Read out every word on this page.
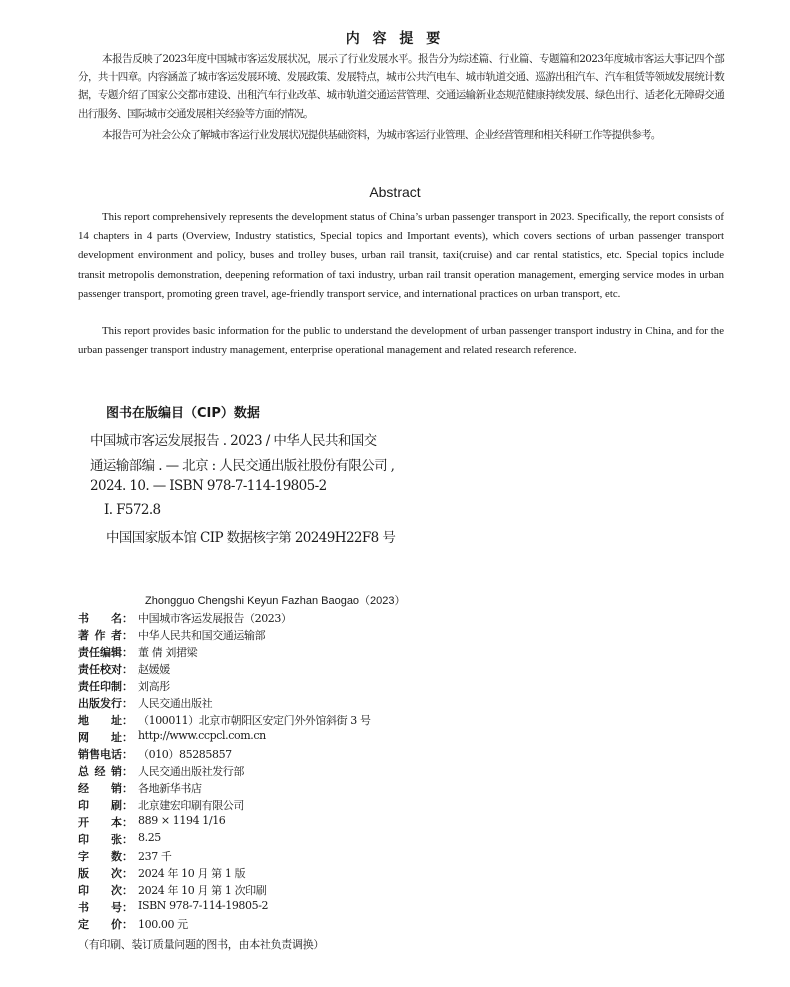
内 容 提 要

本报告反映了2023年度中国城市客运发展状况，展示了行业发展水平。报告分为综述篇、行业篇、专题篇和2023年度城市客运大事记四个部分，共十四章。内容涵盖了城市客运发展环境、发展政策、发展特点，城市公共汽电车、城市轨道交通、巡游出租汽车、汽车租赁等领域发展统计数据，专题介绍了国家公交都市建设、出租汽车行业改革、城市轨道交通运营管理、交通运输新业态规范健康持续发展、绿色出行、适老化无障碍交通出行服务、国际城市交通发展相关经验等方面的情况。

本报告可为社会公众了解城市客运行业发展状况提供基础资料，为城市客运行业管理、企业经营管理和相关科研工作等提供参考。

Abstract

This report comprehensively represents the development status of China’s urban passenger transport in 2023. Specifically, the report consists of 14 chapters in 4 parts (Overview, Industry statistics, Special topics and Important events), which covers sections of urban passenger transport development environment and policy, buses and trolley buses, urban rail transit, taxi(cruise) and car rental statistics, etc. Special topics include transit metropolis demonstration, deepening reformation of taxi industry, urban rail transit operation management, emerging service modes in urban passenger transport, promoting green travel, age-friendly transport service, and international practices on urban transport, etc.

This report provides basic information for the public to understand the development of urban passenger transport industry in China, and for the urban passenger transport industry management, enterprise operational management and related research reference.

图书在版编目（CIP）数据
中国城市客运发展报告 . 2023 / 中华人民共和国交
通运输部编 . — 北京 : 人民交通出版社股份有限公司 ,
2024. 10. — ISBN 978-7-114-19805-2
Ⅰ. F572.8
中国国家版本馆 CIP 数据核字第 20249H22F8 号
Zhongguo Chengshi Keyun Fazhan Baogao（2023）
书 名： 中国城市客运发展报告（2023）
著 作 者： 中华人民共和国交通运输部
责任编辑： 董 倩 刘捃梁
责任校对： 赵媛媛
责任印制： 刘高彤
出版发行： 人民交通出版社
地 址： （100011）北京市朝阳区安定门外外馆斜街 3 号
网 址： http://www.ccpcl.com.cn
销售电话： （010）85285857
总 经 销： 人民交通出版社发行部
经 销： 各地新华书店
印 刷： 北京建宏印刷有限公司
开 本： 889 × 1194 1/16
印 张： 8.25
字 数： 237 千
版 次： 2024 年 10 月 第 1 版
印 次： 2024 年 10 月 第 1 次印刷
书 号： ISBN 978-7-114-19805-2
定 价： 100.00 元
（有印刷、装订质量问题的图书，由本社负责调换）
